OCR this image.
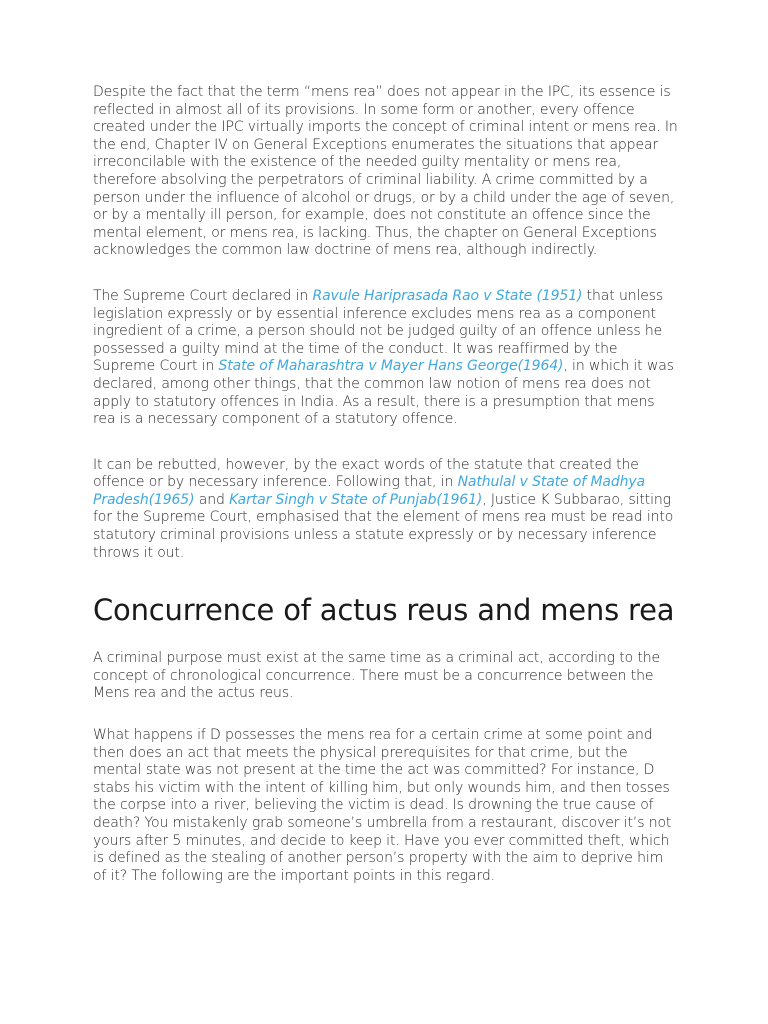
Despite the fact that the term “mens rea” does not appear in the IPC, its essence is reflected in almost all of its provisions. In some form or another, every offence created under the IPC virtually imports the concept of criminal intent or mens rea. In the end, Chapter IV on General Exceptions enumerates the situations that appear irreconcilable with the existence of the needed guilty mentality or mens rea, therefore absolving the perpetrators of criminal liability. A crime committed by a person under the influence of alcohol or drugs, or by a child under the age of seven, or by a mentally ill person, for example, does not constitute an offence since the mental element, or mens rea, is lacking. Thus, the chapter on General Exceptions acknowledges the common law doctrine of mens rea, although indirectly.

The Supreme Court declared in Ravule Hariprasada Rao v State (1951) that unless legislation expressly or by essential inference excludes mens rea as a component ingredient of a crime, a person should not be judged guilty of an offence unless he possessed a guilty mind at the time of the conduct. It was reaffirmed by the Supreme Court in State of Maharashtra v Mayer Hans George(1964), in which it was declared, among other things, that the common law notion of mens rea does not apply to statutory offences in India. As a result, there is a presumption that mens rea is a necessary component of a statutory offence.

It can be rebutted, however, by the exact words of the statute that created the offence or by necessary inference. Following that, in Nathulal v State of Madhya Pradesh(1965) and Kartar Singh v State of Punjab(1961), Justice K Subbarao, sitting for the Supreme Court, emphasised that the element of mens rea must be read into statutory criminal provisions unless a statute expressly or by necessary inference throws it out.

Concurrence of actus reus and mens rea

A criminal purpose must exist at the same time as a criminal act, according to the concept of chronological concurrence. There must be a concurrence between the Mens rea and the actus reus.

What happens if D possesses the mens rea for a certain crime at some point and then does an act that meets the physical prerequisites for that crime, but the mental state was not present at the time the act was committed? For instance, D stabs his victim with the intent of killing him, but only wounds him, and then tosses the corpse into a river, believing the victim is dead. Is drowning the true cause of death? You mistakenly grab someone’s umbrella from a restaurant, discover it’s not yours after 5 minutes, and decide to keep it. Have you ever committed theft, which is defined as the stealing of another person’s property with the aim to deprive him of it? The following are the important points in this regard.
